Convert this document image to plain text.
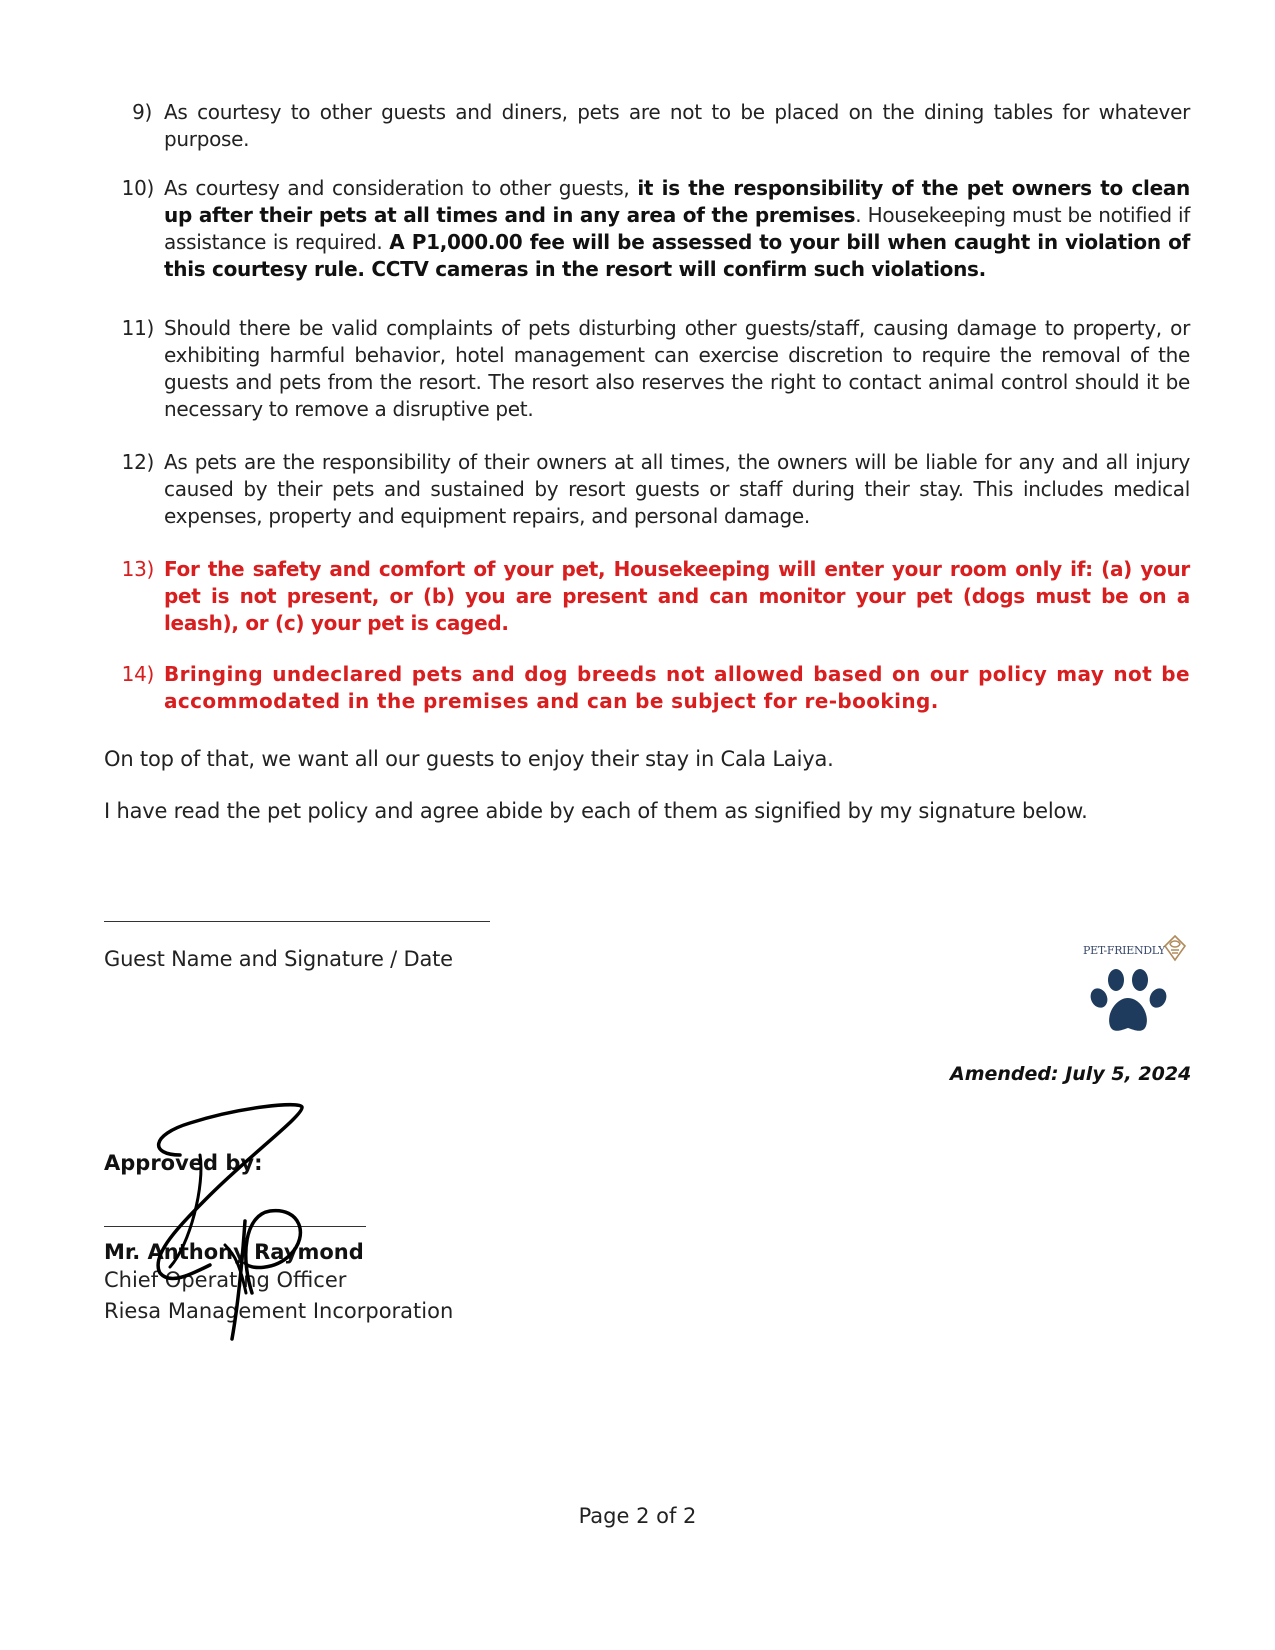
9) As courtesy to other guests and diners, pets are not to be placed on the dining tables for whatever purpose.
10) As courtesy and consideration to other guests, it is the responsibility of the pet owners to clean up after their pets at all times and in any area of the premises. Housekeeping must be notified if assistance is required. A P1,000.00 fee will be assessed to your bill when caught in violation of this courtesy rule. CCTV cameras in the resort will confirm such violations.
11) Should there be valid complaints of pets disturbing other guests/staff, causing damage to property, or exhibiting harmful behavior, hotel management can exercise discretion to require the removal of the guests and pets from the resort. The resort also reserves the right to contact animal control should it be necessary to remove a disruptive pet.
12) As pets are the responsibility of their owners at all times, the owners will be liable for any and all injury caused by their pets and sustained by resort guests or staff during their stay. This includes medical expenses, property and equipment repairs, and personal damage.
13) For the safety and comfort of your pet, Housekeeping will enter your room only if: (a) your pet is not present, or (b) you are present and can monitor your pet (dogs must be on a leash), or (c) your pet is caged.
14) Bringing undeclared pets and dog breeds not allowed based on our policy may not be accommodated in the premises and can be subject for re-booking.
On top of that, we want all our guests to enjoy their stay in Cala Laiya.
I have read the pet policy and agree abide by each of them as signified by my signature below.
Guest Name and Signature / Date	PET-FRIENDLY
Amended: July 5, 2024
Approved by:
Mr. Anthony Raymond
Chief Operating Officer
Riesa Management Incorporation
Page 2 of 2
